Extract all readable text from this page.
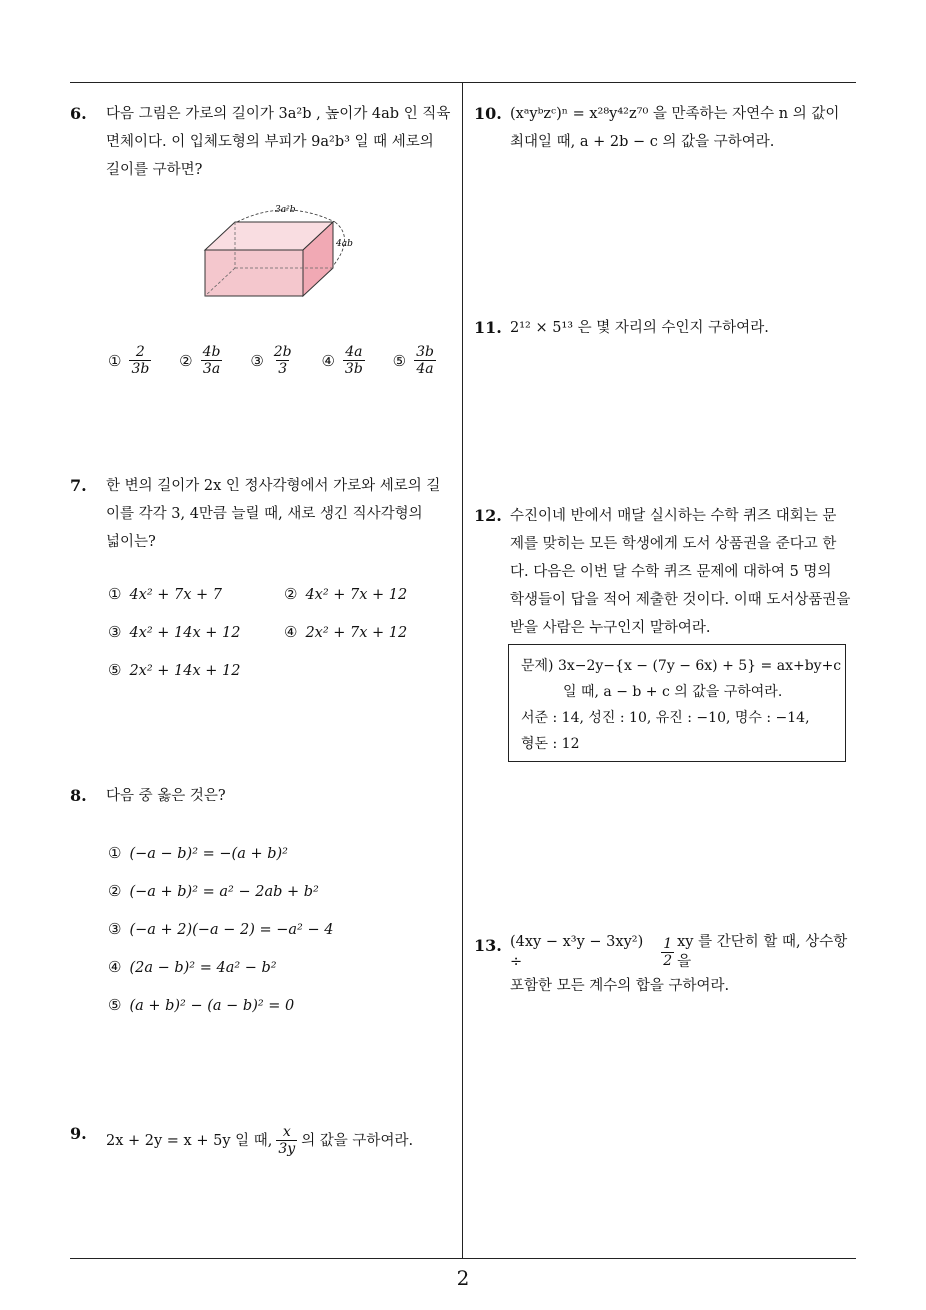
6. 다음 그림은 가로의 길이가 3a²b , 높이가 4ab 인 직육

면체이다. 이 입체도형의 부피가 9a²b³ 일 때 세로의

길이를 구하면?

3a²b
4ab
① $\frac{2}{3b}$ ② $\frac{4b}{3a}$ ③ $\frac{2b}{3}$ ④ $\frac{4a}{3b}$ ⑤ $\frac{3b}{4a}$
7. 한 변의 길이가 2x 인 정사각형에서 가로와 세로의 길

이를 각각 3, 4만큼 늘릴 때, 새로 생긴 직사각형의

넓이는?

① 4x² + 7x + 7	② 4x² + 7x + 12
③ 4x² + 14x + 12	④ 2x² + 7x + 12
⑤ 2x² + 14x + 12
8. 다음 중 옳은 것은?

① (−a − b)² = −(a + b)²

② (−a + b)² = a² − 2ab + b²

③ (−a + 2)(−a − 2) = −a² − 4

④ (2a − b)² = 4a² − b²

⑤ (a + b)² − (a − b)² = 0

9. 2x + 2y = x + 5y 일 때, $\frac{x}{3y}$ 의 값을 구하여라.
10. (xᵃyᵇzᶜ)ⁿ = x²⁸y⁴²z⁷⁰ 을 만족하는 자연수 n 의 값이

최대일 때, a + 2b − c 의 값을 구하여라.

11. 2¹² × 5¹³ 은 몇 자리의 수인지 구하여라.

12. 수진이네 반에서 매달 실시하는 수학 퀴즈 대회는 문

제를 맞히는 모든 학생에게 도서 상품권을 준다고 한

다. 다음은 이번 달 수학 퀴즈 문제에 대하여 5 명의

학생들이 답을 적어 제출한 것이다. 이때 도서상품권을

받을 사람은 누구인지 말하여라.

문제) 3x−2y−{x − (7y − 6x) + 5} = ax+by+c

일 때, a − b + c 의 값을 구하여라.

서준 : 14, 성진 : 10, 유진 : −10, 명수 : −14,

형돈 : 12

13. (4xy − x³y − 3xy²) ÷	$\frac{1}{2}$ xy 를 간단히 할 때, 상수항을

포함한 모든 계수의 합을 구하여라.

2
